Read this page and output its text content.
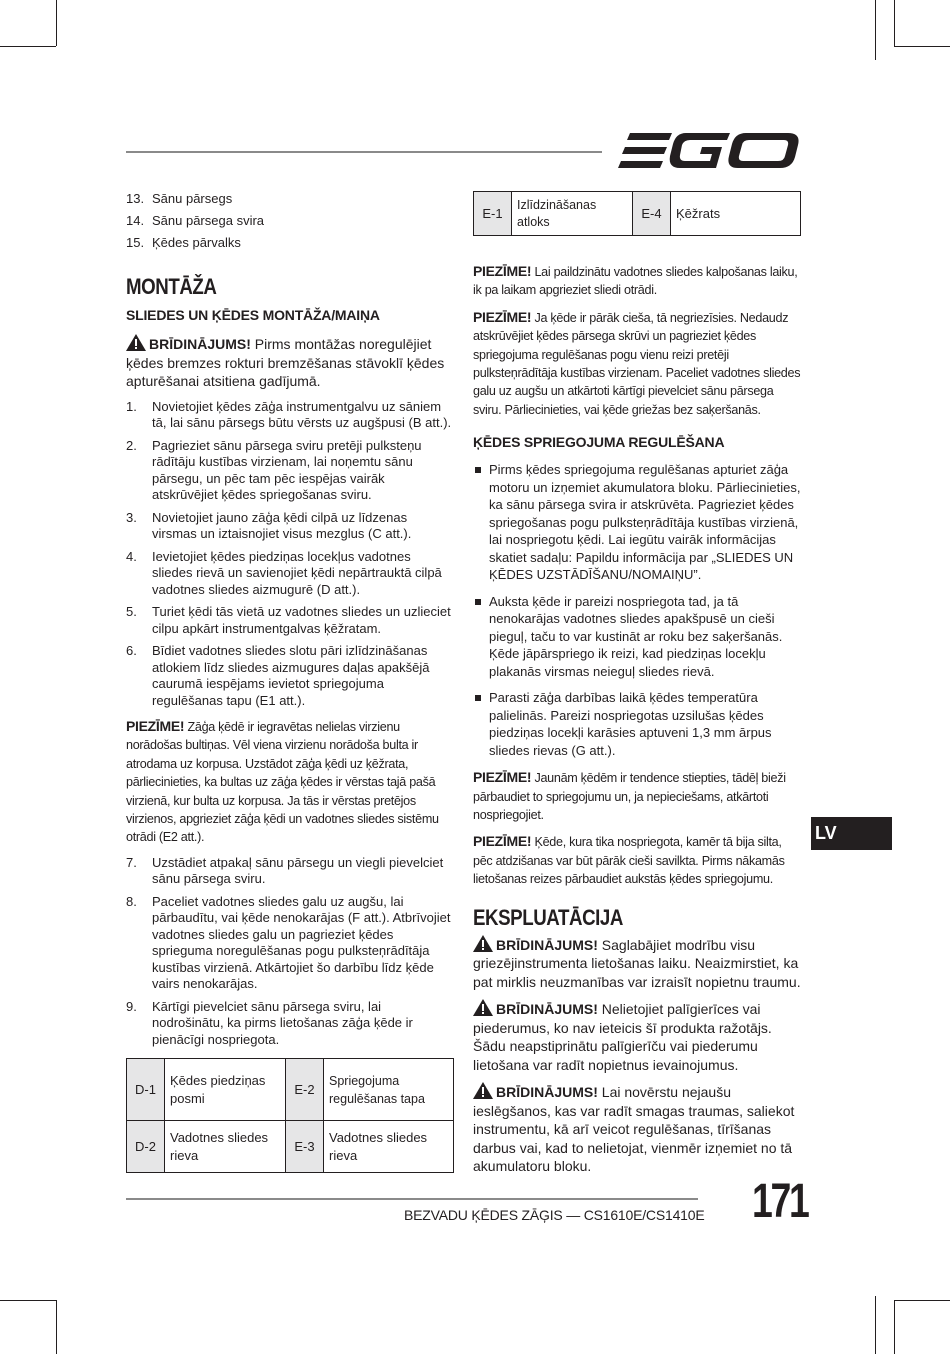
13. Sānu pārsegs
14. Sānu pārsega svira
15. Ķēdes pārvalks
MONTĀŽA
SLIEDES UN ĶĒDES MONTĀŽA/MAIŅA

BRĪDINĀJUMS! Pirms montāžas noregulējiet ķēdes bremzes rokturi bremzēšanas stāvoklī ķēdes apturēšanai atsitiena gadījumā.

1. Novietojiet ķēdes zāģa instrumentgalvu uz sāniem tā, lai sānu pārsegs būtu vērsts uz augšpusi (B att.).
2. Pagrieziet sānu pārsega sviru pretēji pulksteņu rādītāju kustības virzienam, lai noņemtu sānu pārsegu, un pēc tam pēc iespējas vairāk atskrūvējiet ķēdes spriegošanas sviru.
3. Novietojiet jauno zāģa ķēdi cilpā uz līdzenas virsmas un iztaisnojiet visus mezglus (C att.).
4. Ievietojiet ķēdes piedziņas locekļus vadotnes sliedes rievā un savienojiet ķēdi nepārtrauktā cilpā vadotnes sliedes aizmugurē (D att.).
5. Turiet ķēdi tās vietā uz vadotnes sliedes un uzlieciet cilpu apkārt instrumentgalvas ķēžratam.
6. Bīdiet vadotnes sliedes slotu pāri izlīdzināšanas atlokiem līdz sliedes aizmugures daļas apakšējā caurumā iespējams ievietot spriegojuma regulēšanas tapu (E1 att.).

PIEZĪME! Zāģa ķēdē ir iegravētas nelielas virzienu norādošas bultiņas. Vēl viena virzienu norādoša bulta ir atrodama uz korpusa. Uzstādot zāģa ķēdi uz ķēžrata, pārliecinieties, ka bultas uz zāģa ķēdes ir vērstas tajā pašā virzienā, kur bulta uz korpusa. Ja tās ir vērstas pretējos virzienos, apgrieziet zāģa ķēdi un vadotnes sliedes sistēmu otrādi (E2 att.).

7. Uzstādiet atpakaļ sānu pārsegu un viegli pievelciet sānu pārsega sviru.
8. Paceliet vadotnes sliedes galu uz augšu, lai pārbaudītu, vai ķēde nenokarājas (F att.). Atbrīvojiet vadotnes sliedes galu un pagrieziet ķēdes spriegumа noregulēšanas pogu pulksteņrādītāja kustības virzienā. Atkārtojiet šo darbību līdz ķēde vairs nenokarājas.
9. Kārtīgi pievelciet sānu pārsega sviru, lai nodrošinātu, ka pirms lietošanas zāģa ķēde ir pienācīgi nospriegota.
D-1	Ķēdes piedziņas posmi	E-2	Spriegojuma regulēšanas tapa
D-2	Vadotnes sliedes rieva	E-3	Vadotnes sliedes rieva
E-1	Izlīdzināšanas atloks	E-4	Ķēžrats

PIEZĪME! Lai paildzinātu vadotnes sliedes kalpošanas laiku, ik pa laikam apgrieziet sliedi otrādi.

PIEZĪME! Ja ķēde ir pārāk cieša, tā negriezīsies. Nedaudz atskrūvējiet ķēdes pārsega skrūvi un pagrieziet ķēdes spriegojuma regulēšanas pogu vienu reizi pretēji pulksteņrādītāja kustības virzienam. Paceliet vadotnes sliedes galu uz augšu un atkārtoti kārtīgi pievelciet sānu pārsega sviru. Pārliecinieties, vai ķēde griežas bez saķeršanās.

ĶĒDES SPRIEGOJUMA REGULĒŠANA
Pirms ķēdes spriegojuma regulēšanas apturiet zāģa motoru un izņemiet akumulatora bloku. Pārliecinieties, ka sānu pārsega svira ir atskrūvēta. Pagrieziet ķēdes spriegošanas pogu pulksteņrādītāja kustības virzienā, lai nospriegotu ķēdi. Lai iegūtu vairāk informācijas skatiet sadaļu: Papildu informācija par „SLIEDES UN ĶĒDES UZSTĀDĪŠANU/NOMAIŅU”.
Auksta ķēde ir pareizi nospriegota tad, ja tā nenokarājas vadotnes sliedes apakšpusē un cieši pieguļ, taču to var kustināt ar roku bez saķeršanās. Ķēde jāpārspriego ik reizi, kad piedziņas locekļu plakanās virsmas neieguļ sliedes rievā.
Parasti zāģa darbības laikā ķēdes temperatūra palielinās. Pareizi nospriegotas uzsilušas ķēdes piedziņas locekļi karāsies aptuveni 1,3 mm ārpus sliedes rievas (G att.).

PIEZĪME! Jaunām ķēdēm ir tendence stiepties, tādēļ bieži pārbaudiet to spriegojumu un, ja nepieciešams, atkārtoti nospriegojiet.

PIEZĪME! Ķēde, kura tika nospriegota, kamēr tā bija silta, pēc atdzišanas var būt pārāk cieši savilkta. Pirms nākamās lietošanas reizes pārbaudiet aukstās ķēdes spriegojumu.

EKSPLUATĀCIJA

BRĪDINĀJUMS! Saglabājiet modrību visu griezējinstrumenta lietošanas laiku. Neaizmirstiet, ka pat mirklis neuzmanības var izraisīt nopietnu traumu.

BRĪDINĀJUMS! Nelietojiet palīgierīces vai piederumus, ko nav ieteicis šī produkta ražotājs. Šādu neapstiprinātu palīgierīču vai piederumu lietošana var radīt nopietnus ievainojumus.

BRĪDINĀJUMS! Lai novērstu nejaušu ieslēgšanos, kas var radīt smagas traumas, saliekot instrumentu, kā arī veicot regulēšanas, tīrīšanas darbus vai, kad to nelietojat, vienmēr izņemiet no tā akumulatoru bloku.

LV
BEZVADU ĶĒDES ZĀĢIS — CS1610E/CS1410E 171
